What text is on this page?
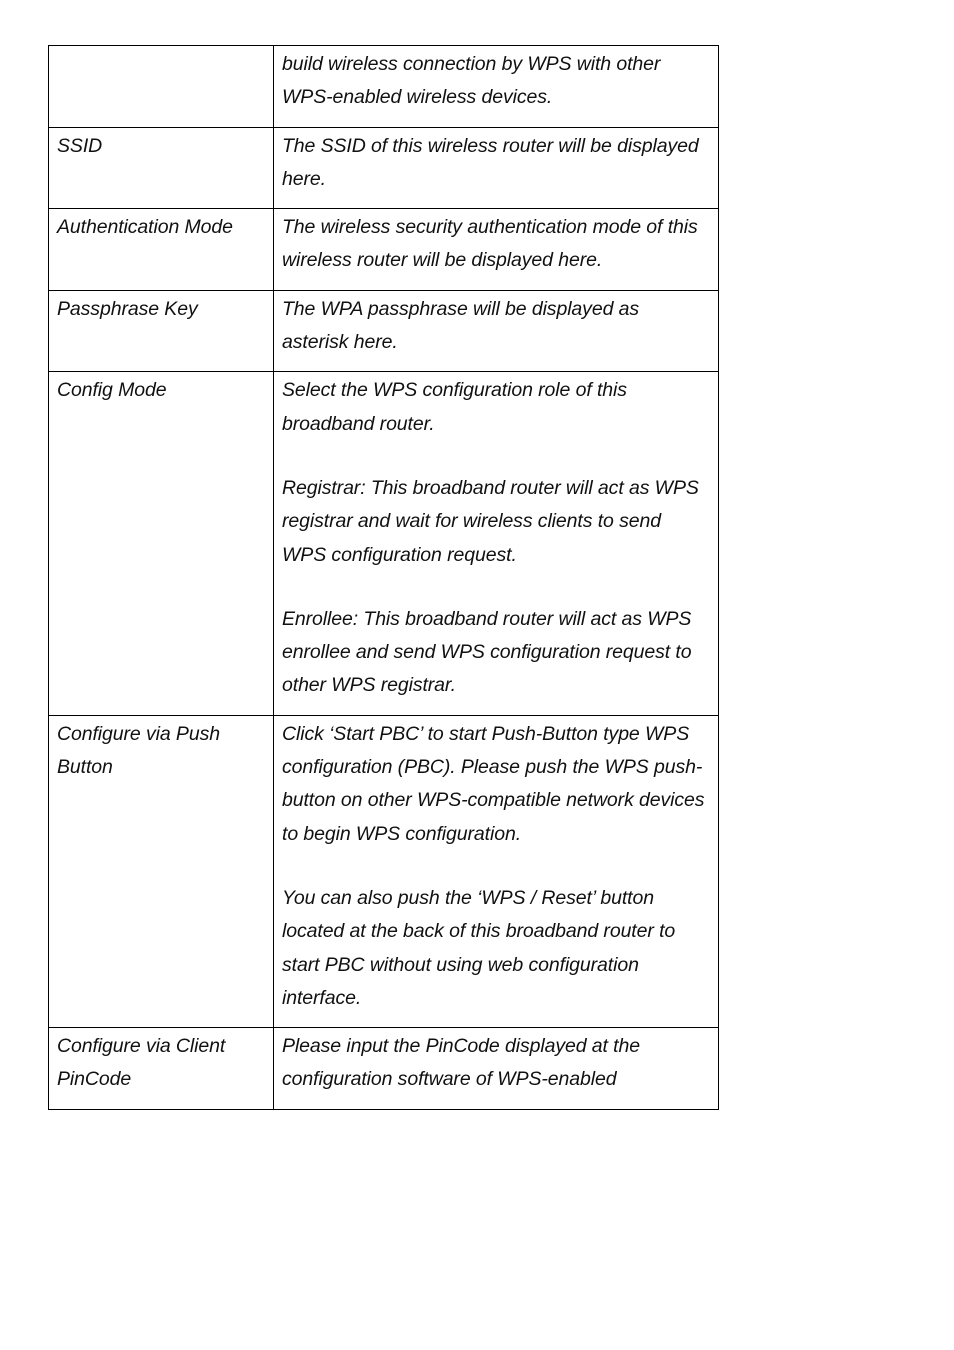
	build wireless connection by WPS with other WPS-enabled wireless devices.

SSID	The SSID of this wireless router will be displayed here.

Authentication Mode	The wireless security authentication mode of this wireless router will be displayed here.

Passphrase Key	The WPA passphrase will be displayed as asterisk here.

Config Mode	Select the WPS configuration role of this broadband router.
Registrar: This broadband router will act as WPS registrar and wait for wireless clients to send WPS configuration request.
Enrollee: This broadband router will act as WPS enrollee and send WPS configuration request to other WPS registrar.

Configure via Push Button	Click ‘Start PBC’ to start Push-Button type WPS configuration (PBC). Please push the WPS push-button on other WPS-compatible network devices to begin WPS configuration.
You can also push the ‘WPS / Reset’ button located at the back of this broadband router to start PBC without using web configuration interface.

Configure via Client PinCode	Please input the PinCode displayed at the configuration software of WPS-enabled
